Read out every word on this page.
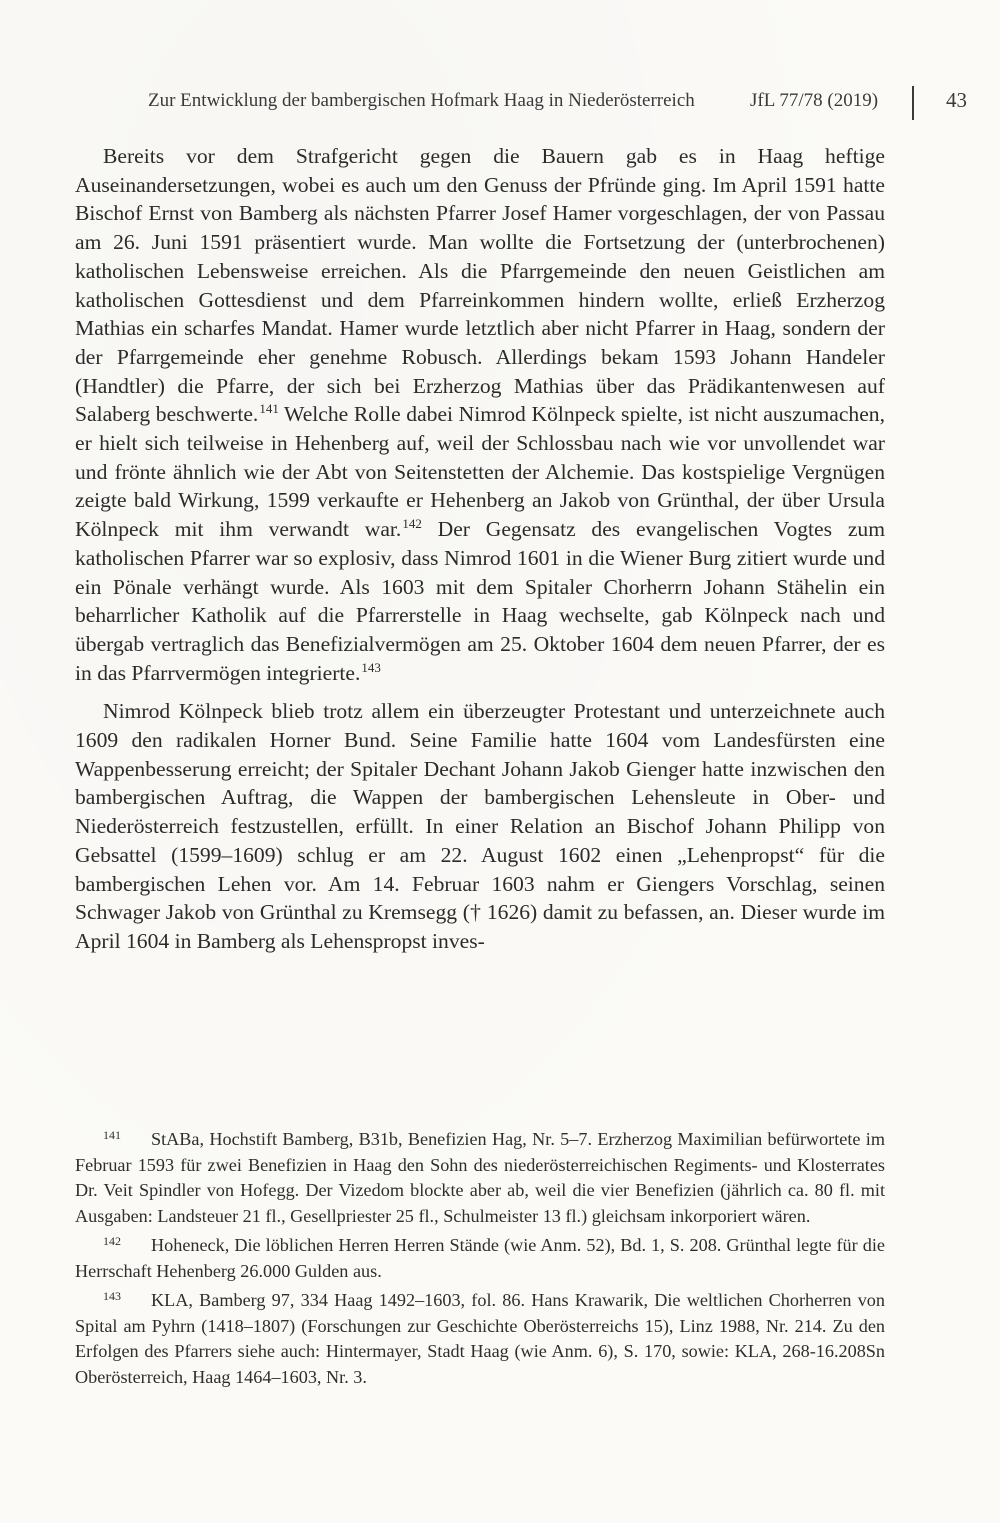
Zur Entwicklung der bambergischen Hofmark Haag in Niederösterreich	JfL 77/78 (2019)	43

Bereits vor dem Strafgericht gegen die Bauern gab es in Haag heftige Auseinandersetzungen, wobei es auch um den Genuss der Pfründe ging. Im April 1591 hatte Bischof Ernst von Bamberg als nächsten Pfarrer Josef Hamer vorgeschlagen, der von Passau am 26. Juni 1591 präsentiert wurde. Man wollte die Fortsetzung der (unterbrochenen) katholischen Lebensweise erreichen. Als die Pfarrgemeinde den neuen Geistlichen am katholischen Gottesdienst und dem Pfarreinkommen hindern wollte, erließ Erzherzog Mathias ein scharfes Mandat. Hamer wurde letztlich aber nicht Pfarrer in Haag, sondern der der Pfarrgemeinde eher genehme Robusch. Allerdings bekam 1593 Johann Handeler (Handtler) die Pfarre, der sich bei Erzherzog Mathias über das Prädikantenwesen auf Salaberg beschwerte.$^{141}$ Welche Rolle dabei Nimrod Kölnpeck spielte, ist nicht auszumachen, er hielt sich teilweise in Hehenberg auf, weil der Schlossbau nach wie vor unvollendet war und frönte ähnlich wie der Abt von Seitenstetten der Alchemie. Das kostspielige Vergnügen zeigte bald Wirkung, 1599 verkaufte er Hehenberg an Jakob von Grünthal, der über Ursula Kölnpeck mit ihm verwandt war.$^{142}$ Der Gegensatz des evangelischen Vogtes zum katholischen Pfarrer war so explosiv, dass Nimrod 1601 in die Wiener Burg zitiert wurde und ein Pönale verhängt wurde. Als 1603 mit dem Spitaler Chorherrn Johann Stähelin ein beharrlicher Katholik auf die Pfarrerstelle in Haag wechselte, gab Kölnpeck nach und übergab vertraglich das Benefizialvermögen am 25. Oktober 1604 dem neuen Pfarrer, der es in das Pfarrvermögen integrierte.$^{143}$

Nimrod Kölnpeck blieb trotz allem ein überzeugter Protestant und unterzeichnete auch 1609 den radikalen Horner Bund. Seine Familie hatte 1604 vom Landesfürsten eine Wappenbesserung erreicht; der Spitaler Dechant Johann Jakob Gienger hatte inzwischen den bambergischen Auftrag, die Wappen der bambergischen Lehensleute in Ober- und Niederösterreich festzustellen, erfüllt. In einer Relation an Bischof Johann Philipp von Gebsattel (1599–1609) schlug er am 22. August 1602 einen „Lehenpropst“ für die bambergischen Lehen vor. Am 14. Februar 1603 nahm er Giengers Vorschlag, seinen Schwager Jakob von Grünthal zu Kremsegg († 1626) damit zu befassen, an. Dieser wurde im April 1604 in Bamberg als Lehenspropst inves-

$^{141}$ StABa, Hochstift Bamberg, B31b, Benefizien Hag, Nr. 5–7. Erzherzog Maximilian befürwortete im Februar 1593 für zwei Benefizien in Haag den Sohn des niederösterreichischen Regiments- und Klosterrates Dr. Veit Spindler von Hofegg. Der Vizedom blockte aber ab, weil die vier Benefizien (jährlich ca. 80 fl. mit Ausgaben: Landsteuer 21 fl., Gesellpriester 25 fl., Schulmeister 13 fl.) gleichsam inkorporiert wären.

$^{142}$ Hoheneck, Die löblichen Herren Herren Stände (wie Anm. 52), Bd. 1, S. 208. Grünthal legte für die Herrschaft Hehenberg 26.000 Gulden aus.

$^{143}$ KLA, Bamberg 97, 334 Haag 1492–1603, fol. 86. Hans Krawarik, Die weltlichen Chorherren von Spital am Pyhrn (1418–1807) (Forschungen zur Geschichte Oberösterreichs 15), Linz 1988, Nr. 214. Zu den Erfolgen des Pfarrers siehe auch: Hintermayer, Stadt Haag (wie Anm. 6), S. 170, sowie: KLA, 268-16.208Sn Oberösterreich, Haag 1464–1603, Nr. 3.
